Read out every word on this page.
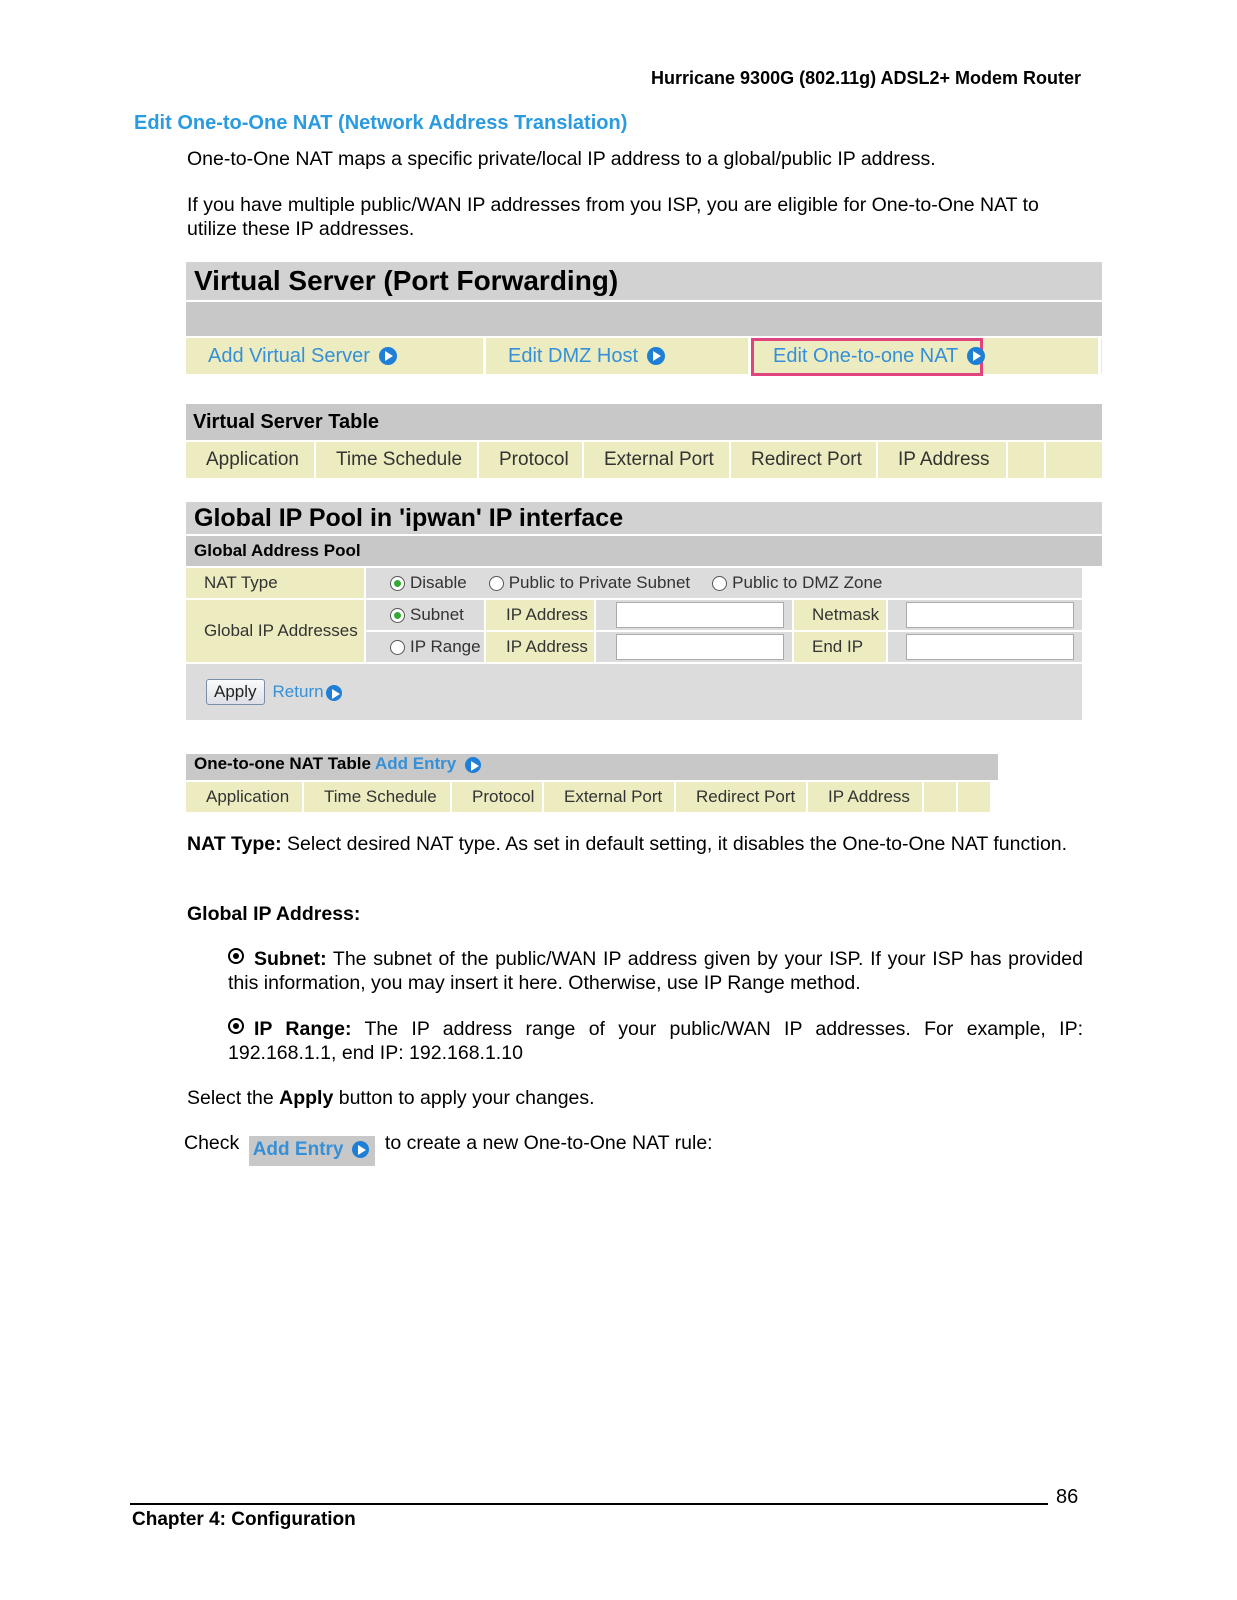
Hurricane 9300G (802.11g) ADSL2+ Modem Router
Edit One-to-One NAT (Network Address Translation)
One-to-One NAT maps a specific private/local IP address to a global/public IP address.
If you have multiple public/WAN IP addresses from you ISP, you are eligible for One-to-One NAT to utilize these IP addresses.
Virtual Server (Port Forwarding)
Add Virtual Server	Edit DMZ Host	Edit One-to-one NAT
Virtual Server Table
Application	Time Schedule	Protocol	External Port	Redirect Port	IP Address
Global IP Pool in 'ipwan' IP interface
Global Address Pool
NAT Type	Disable Public to Private Subnet Public to DMZ Zone
Global IP Addresses
Subnet	IP Address	Netmask
IP Range	IP Address	End IP
Apply Return
One-to-one NAT Table Add Entry
Application	Time Schedule	Protocol	External Port	Redirect Port	IP Address
NAT Type: Select desired NAT type. As set in default setting, it disables the One-to-One NAT function.
Global IP Address:
Subnet: The subnet of the public/WAN IP address given by your ISP. If your ISP has provided this information, you may insert it here. Otherwise, use IP Range method.
IP Range: The IP address range of your public/WAN IP addresses. For example, IP: 192.168.1.1, end IP: 192.168.1.10
Select the Apply button to apply your changes.
Check Add Entry to create a new One-to-One NAT rule:
86
Chapter 4: Configuration
